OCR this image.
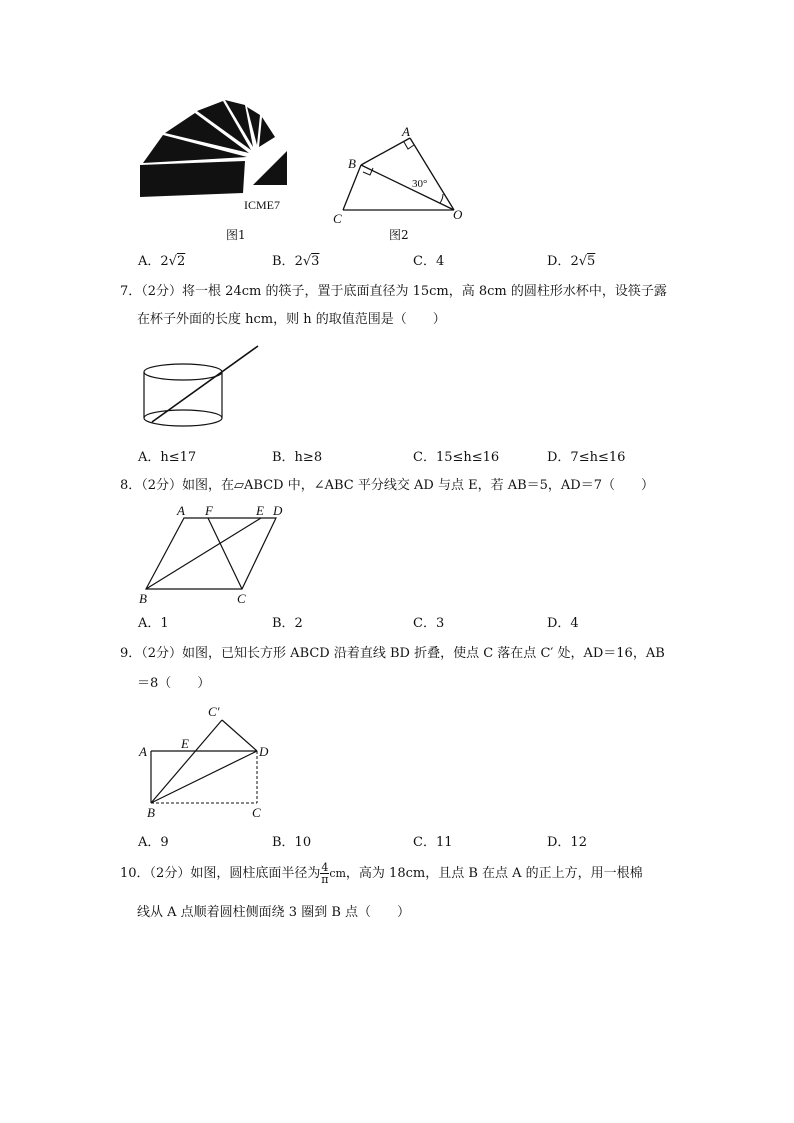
ICME7
图1
A
B
C	O
30°
图2
A．2√2	B．2√3	C．4	D．2√5
7．（2分）将一根 24cm 的筷子，置于底面直径为 15cm，高 8cm 的圆柱形水杯中，设筷子露
在杯子外面的长度 hcm，则 h 的取值范围是（　　）
A．h≤17	B．h≥8	C．15≤h≤16	D．7≤h≤16
8．（2分）如图，在▱ABCD 中，∠ABC 平分线交 AD 与点 E，若 AB＝5，AD＝7（　　）
A F	E D
B	C
A．1	B．2	C．3	D．4
9．（2分）如图，已知长方形 ABCD 沿着直线 BD 折叠，使点 C 落在点 C′ 处，AD＝16，AB
＝8（　　）
C′
A
E
D
B	C
A．9	B．10	C．11	D．12
10．（2分）如图，圆柱底面半径为 $\frac{4}{\pi}$ cm，高为 18cm，且点 B 在点 A 的正上方，用一根棉
线从 A 点顺着圆柱侧面绕 3 圈到 B 点（　　）
